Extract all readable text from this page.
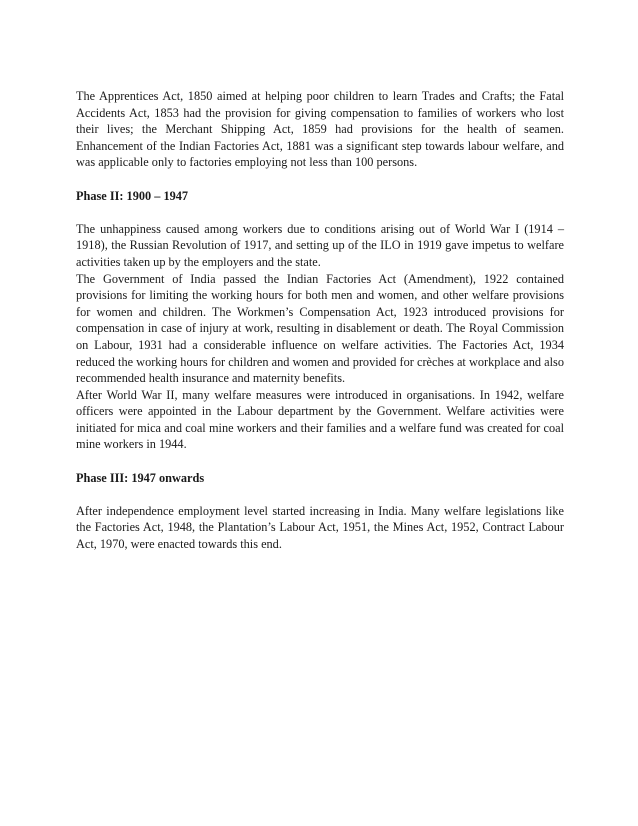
The Apprentices Act, 1850 aimed at helping poor children to learn Trades and Crafts; the Fatal Accidents Act, 1853 had the provision for giving compensation to families of workers who lost their lives; the Merchant Shipping Act, 1859 had provisions for the health of seamen. Enhancement of the Indian Factories Act, 1881 was a significant step towards labour welfare, and was applicable only to factories employing not less than 100 persons.

Phase II: 1900 – 1947

The unhappiness caused among workers due to conditions arising out of World War I (1914 – 1918), the Russian Revolution of 1917, and setting up of the ILO in 1919 gave impetus to welfare activities taken up by the employers and the state.

The Government of India passed the Indian Factories Act (Amendment), 1922 contained provisions for limiting the working hours for both men and women, and other welfare provisions for women and children. The Workmen’s Compensation Act, 1923 introduced provisions for compensation in case of injury at work, resulting in disablement or death. The Royal Commission on Labour, 1931 had a considerable influence on welfare activities. The Factories Act, 1934 reduced the working hours for children and women and provided for crèches at workplace and also recommended health insurance and maternity benefits.

After World War II, many welfare measures were introduced in organisations. In 1942, welfare officers were appointed in the Labour department by the Government. Welfare activities were initiated for mica and coal mine workers and their families and a welfare fund was created for coal mine workers in 1944.

Phase III: 1947 onwards

After independence employment level started increasing in India. Many welfare legislations like the Factories Act, 1948, the Plantation’s Labour Act, 1951, the Mines Act, 1952, Contract Labour Act, 1970, were enacted towards this end.
